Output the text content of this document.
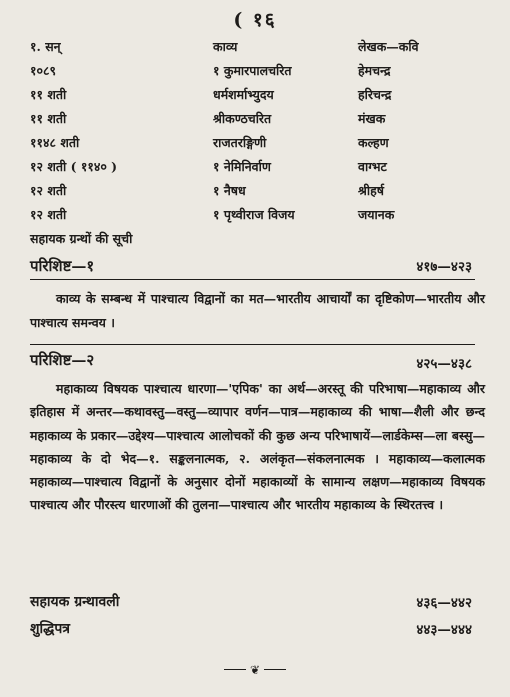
( १६
१. सन्	काव्य	लेखक—कवि
१०८९	१ कुमारपालचरित	हेमचन्द्र
११ शती	धर्मशर्माभ्युदय	हरिचन्द्र
११ शती	श्रीकण्ठचरित	मंखक
११४८ शती	राजतरङ्गिणी	कल्हण
१२ शती ( ११४० )	१ नेमिनिर्वाण	वाग्भट
१२ शती	१ नैषध	श्रीहर्ष
१२ शती	१ पृथ्वीराज विजय	जयानक
सहायक ग्रन्थों की सूची
परिशिष्ट—१	४१७—४२३

काव्य के सम्बन्ध में पाश्चात्य विद्वानों का मत—भारतीय आचार्यों का दृष्टिकोण—भारतीय और पाश्चात्य समन्वय ।

परिशिष्ट—२	४२५—४३८

महाकाव्य विषयक पाश्चात्य धारणा—'एपिक' का अर्थ—अरस्तू की परिभाषा—महाकाव्य और इतिहास में अन्तर—कथावस्तु—वस्तु—व्यापार वर्णन—पात्र—महाकाव्य की भाषा—शैली और छन्द महाकाव्य के प्रकार—उद्देश्य—पाश्चात्य आलोचकों की कुछ अन्य परिभाषायें—लार्डकेम्स—ला बस्सु—महाकाव्य के दो भेद—१. सङ्कलनात्मक, २. अलंकृत—संकलनात्मक । महाकाव्य—कलात्मक महाकाव्य—पाश्चात्य विद्वानों के अनुसार दोनों महाकाव्यों के सामान्य लक्षण—महाकाव्य विषयक पाश्चात्य और पौरस्त्य धारणाओं की तुलना—पाश्चात्य और भारतीय महाकाव्य के स्थिरतत्त्व ।

सहायक ग्रन्थावली	४३६—४४२
शुद्धिपत्र	४४३—४४४
❦
